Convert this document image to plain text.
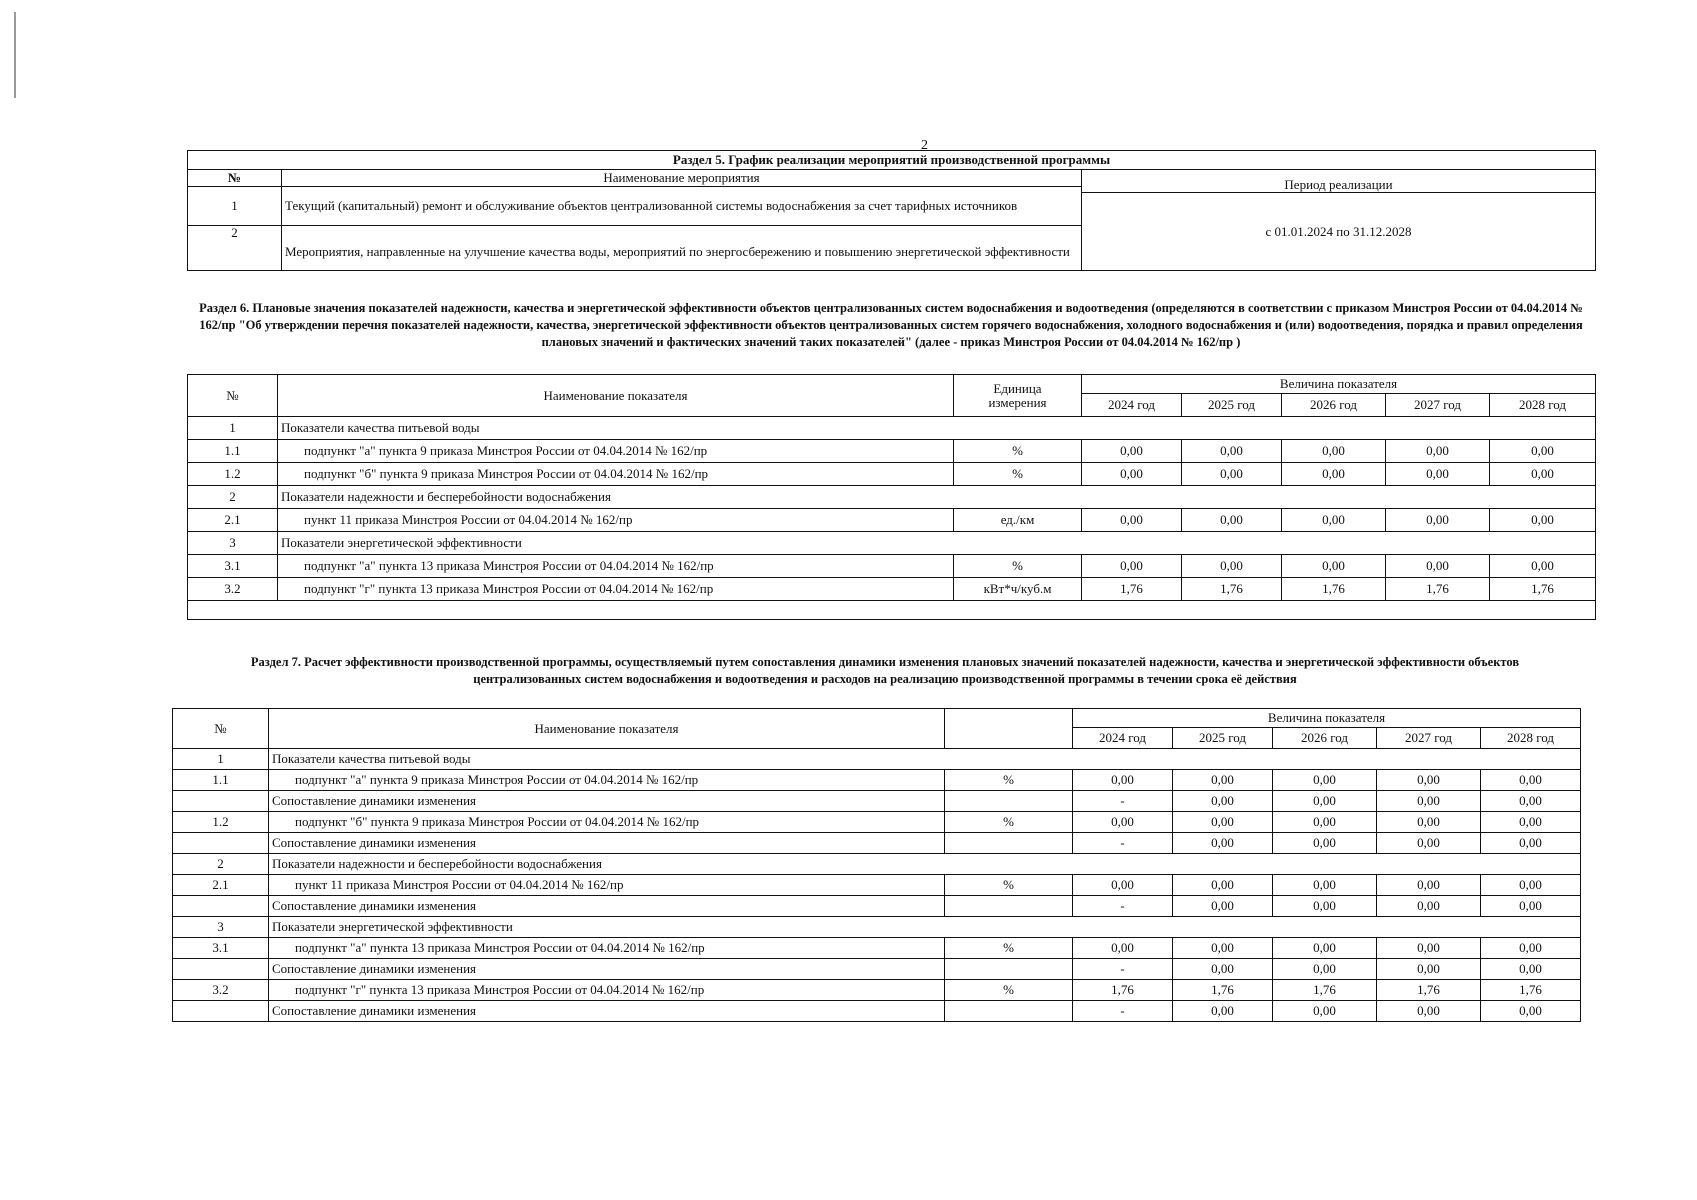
2
Раздел 5. График реализации мероприятий производственной программы		
№	Наименование мероприятия	Период реализации
1	Текущий (капитальный) ремонт и обслуживание объектов централизованной системы водоснабжения за счет тарифных источников	
		с 01.01.2024 по 31.12.2028
2	Мероприятия, направленные на улучшение качества воды, мероприятий по энергосбережению и повышению энергетической эффективности	

Раздел 6. Плановые значения показателей надежности, качества и энергетической эффективности объектов централизованных систем водоснабжения и водоотведения (определяются в соответствии с приказом Минстроя России от 04.04.2014 № 162/пр "Об утверждении перечня показателей надежности, качества, энергетической эффективности объектов централизованных систем горячего водоснабжения, холодного водоснабжения и (или) водоотведения, порядка и правил определения плановых значений и фактических значений таких показателей" (далее - приказ Минстроя России от 04.04.2014 № 162/пр )
№	Наименование показателя	Единица измерения	Величина показателя				
			2024 год	2025 год	2026 год	2027 год	2028 год
1	Показатели качества питьевой воды						
1.1	подпункт "а" пункта 9 приказа Минстроя России от 04.04.2014 № 162/пр	%	0,00	0,00	0,00	0,00	0,00
1.2	подпункт "б" пункта 9 приказа Минстроя России от 04.04.2014 № 162/пр	%	0,00	0,00	0,00	0,00	0,00
2	Показатели надежности и бесперебойности водоснабжения						
2.1	пункт 11 приказа Минстроя России от 04.04.2014 № 162/пр	ед./км	0,00	0,00	0,00	0,00	0,00
3	Показатели энергетической эффективности						
3.1	подпункт "а" пункта 13 приказа Минстроя России от 04.04.2014 № 162/пр	%	0,00	0,00	0,00	0,00	0,00
3.2	подпункт "г" пункта 13 приказа Минстроя России от 04.04.2014 № 162/пр	кВт*ч/куб.м	1,76	1,76	1,76	1,76	1,76

Раздел 7. Расчет эффективности производственной программы, осуществляемый путем сопоставления динамики изменения плановых значений показателей надежности, качества и энергетической эффективности объектов централизованных систем водоснабжения и водоотведения и расходов на реализацию производственной программы в течении срока её действия
№	Наименование показателя		Величина показателя				
			2024 год	2025 год	2026 год	2027 год	2028 год
1	Показатели качества питьевой воды						
1.1	подпункт "а" пункта 9 приказа Минстроя России от 04.04.2014 № 162/пр	%	0,00	0,00	0,00	0,00	0,00
	Сопоставление динамики изменения		-	0,00	0,00	0,00	0,00
1.2	подпункт "б" пункта 9 приказа Минстроя России от 04.04.2014 № 162/пр	%	0,00	0,00	0,00	0,00	0,00
	Сопоставление динамики изменения		-	0,00	0,00	0,00	0,00
2	Показатели надежности и бесперебойности водоснабжения						
2.1	пункт 11 приказа Минстроя России от 04.04.2014 № 162/пр	%	0,00	0,00	0,00	0,00	0,00
	Сопоставление динамики изменения		-	0,00	0,00	0,00	0,00
3	Показатели энергетической эффективности						
3.1	подпункт "а" пункта 13 приказа Минстроя России от 04.04.2014 № 162/пр	%	0,00	0,00	0,00	0,00	0,00
	Сопоставление динамики изменения		-	0,00	0,00	0,00	0,00
3.2	подпункт "г" пункта 13 приказа Минстроя России от 04.04.2014 № 162/пр	%	1,76	1,76	1,76	1,76	1,76
	Сопоставление динамики изменения		-	0,00	0,00	0,00	0,00
